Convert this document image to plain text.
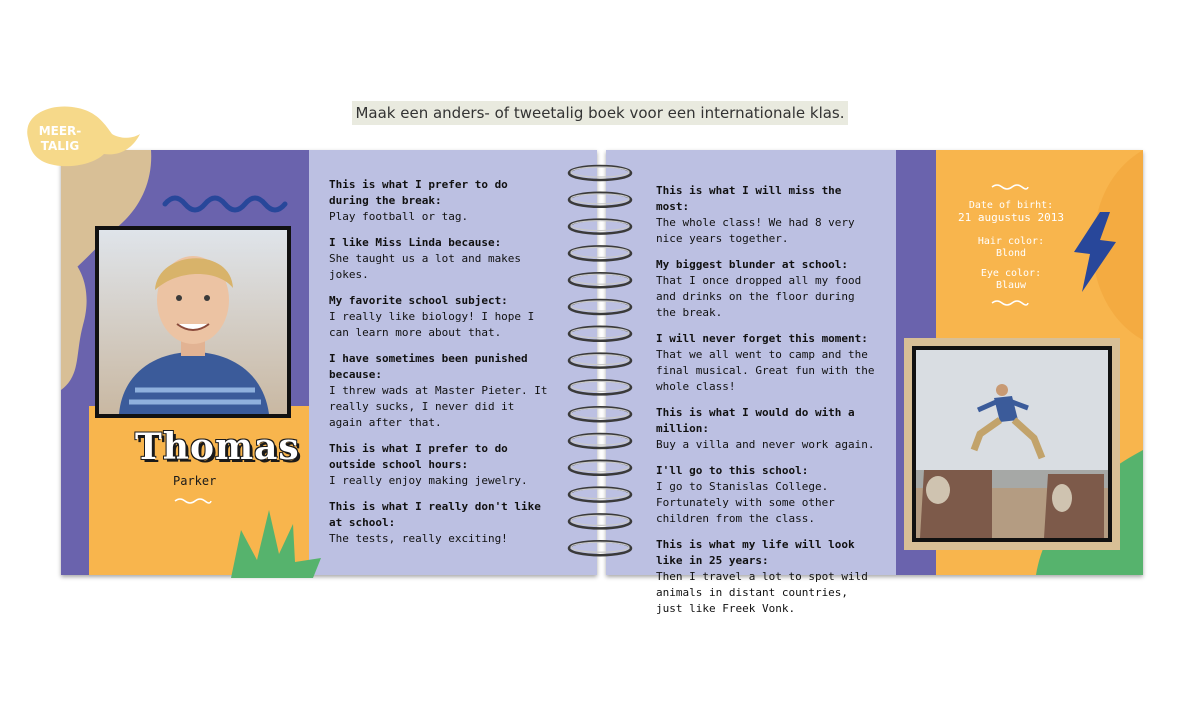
Maak een anders- of tweetalig boek voor een internationale klas.
Thomas
Parker
This is what I prefer to do during the break:
Play football or tag.
I like Miss Linda because:
She taught us a lot and makes jokes.
My favorite school subject:
I really like biology! I hope I can learn more about that.
I have sometimes been punished because:
I threw wads at Master Pieter. It really sucks, I never did it again after that.
This is what I prefer to do outside school hours:
I really enjoy making jewelry.
This is what I really don't like at school:
The tests, really exciting!
Date of birht:
21 augustus 2013
Hair color:
Blond
Eye color:
Blauw
This is what I will miss the most:
The whole class! We had 8 very nice years together.
My biggest blunder at school:
That I once dropped all my food and drinks on the floor during the break.
I will never forget this moment:
That we all went to camp and the final musical. Great fun with the whole class!
This is what I would do with a million:
Buy a villa and never work again.
I'll go to this school:
I go to Stanislas College. Fortunately with some other children from the class.
This is what my life will look like in 25 years:
Then I travel a lot to spot wild animals in distant countries, just like Freek Vonk.
MEER-
TALIG
